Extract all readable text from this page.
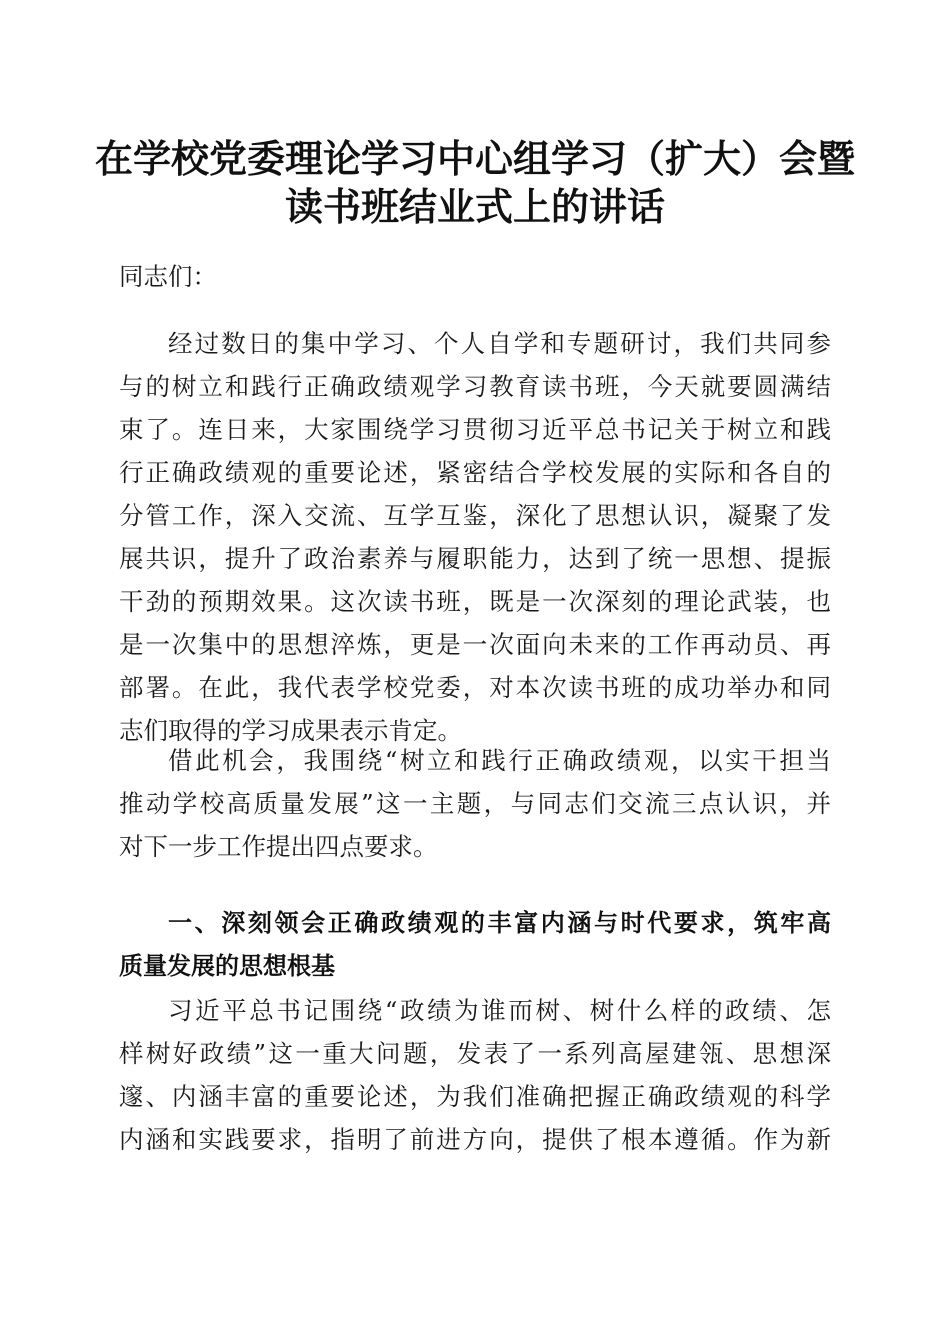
在学校党委理论学习中心组学习（扩大）会暨
读书班结业式上的讲话
同志们：
经过数日的集中学习、个人自学和专题研讨，我们共同参
与的树立和践行正确政绩观学习教育读书班，今天就要圆满结
束了。连日来，大家围绕学习贯彻习近平总书记关于树立和践
行正确政绩观的重要论述，紧密结合学校发展的实际和各自的
分管工作，深入交流、互学互鉴，深化了思想认识，凝聚了发
展共识，提升了政治素养与履职能力，达到了统一思想、提振
干劲的预期效果。这次读书班，既是一次深刻的理论武装，也
是一次集中的思想淬炼，更是一次面向未来的工作再动员、再
部署。在此，我代表学校党委，对本次读书班的成功举办和同
志们取得的学习成果表示肯定。
借此机会，我围绕“树立和践行正确政绩观，以实干担当
推动学校高质量发展”这一主题，与同志们交流三点认识，并
对下一步工作提出四点要求。
一、深刻领会正确政绩观的丰富内涵与时代要求，筑牢高
质量发展的思想根基
习近平总书记围绕“政绩为谁而树、树什么样的政绩、怎
样树好政绩”这一重大问题，发表了一系列高屋建瓴、思想深
邃、内涵丰富的重要论述，为我们准确把握正确政绩观的科学
内涵和实践要求，指明了前进方向，提供了根本遵循。作为新
